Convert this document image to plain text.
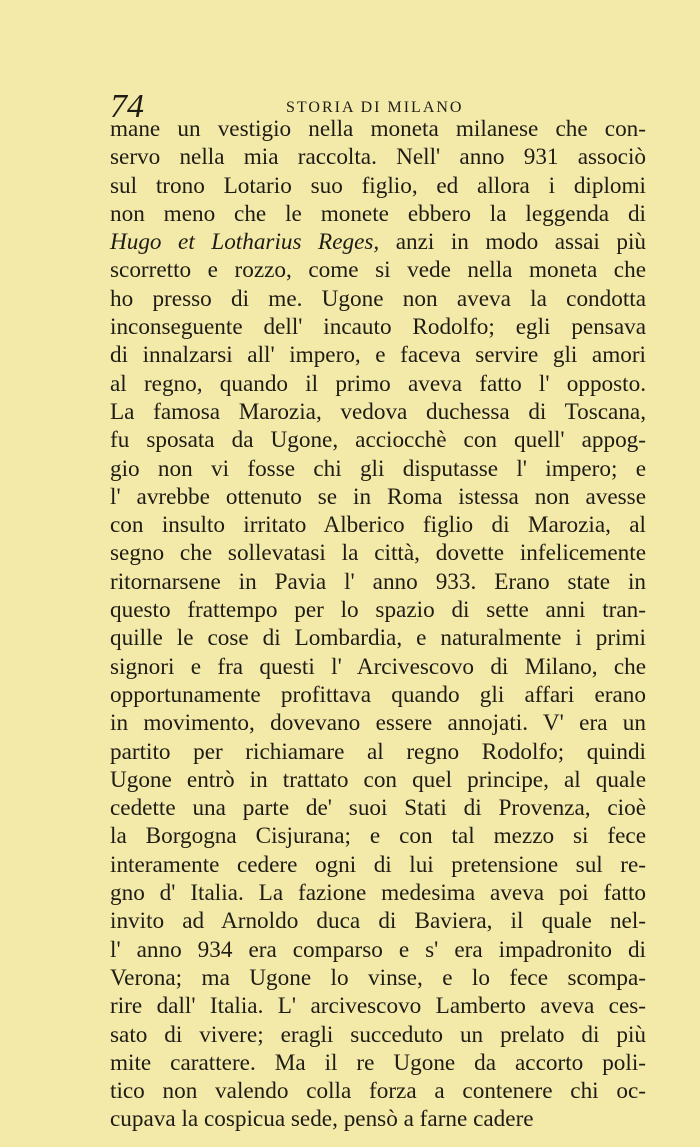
74	STORIA DI MILANO
mane un vestigio nella moneta milanese che con-
servo nella mia raccolta. Nell' anno 931 associò
sul trono Lotario suo figlio, ed allora i diplomi
non meno che le monete ebbero la leggenda di
Hugo et Lotharius Reges, anzi in modo assai più
scorretto e rozzo, come si vede nella moneta che
ho presso di me. Ugone non aveva la condotta
inconseguente dell' incauto Rodolfo; egli pensava
di innalzarsi all' impero, e faceva servire gli amori
al regno, quando il primo aveva fatto l' opposto.
La famosa Marozia, vedova duchessa di Toscana,
fu sposata da Ugone, acciocchè con quell' appog-
gio non vi fosse chi gli disputasse l' impero; e
l' avrebbe ottenuto se in Roma istessa non avesse
con insulto irritato Alberico figlio di Marozia, al
segno che sollevatasi la città, dovette infelicemente
ritornarsene in Pavia l' anno 933. Erano state in
questo frattempo per lo spazio di sette anni tran-
quille le cose di Lombardia, e naturalmente i primi
signori e fra questi l' Arcivescovo di Milano, che
opportunamente profittava quando gli affari erano
in movimento, dovevano essere annojati. V' era un
partito per richiamare al regno Rodolfo; quindi
Ugone entrò in trattato con quel principe, al quale
cedette una parte de' suoi Stati di Provenza, cioè
la Borgogna Cisjurana; e con tal mezzo si fece
interamente cedere ogni di lui pretensione sul re-
gno d' Italia. La fazione medesima aveva poi fatto
invito ad Arnoldo duca di Baviera, il quale nel-
l' anno 934 era comparso e s' era impadronito di
Verona; ma Ugone lo vinse, e lo fece scompa-
rire dall' Italia. L' arcivescovo Lamberto aveva ces-
sato di vivere; eragli succeduto un prelato di più
mite carattere. Ma il re Ugone da accorto poli-
tico non valendo colla forza a contenere chi oc-
cupava la cospicua sede, pensò a farne cadere
